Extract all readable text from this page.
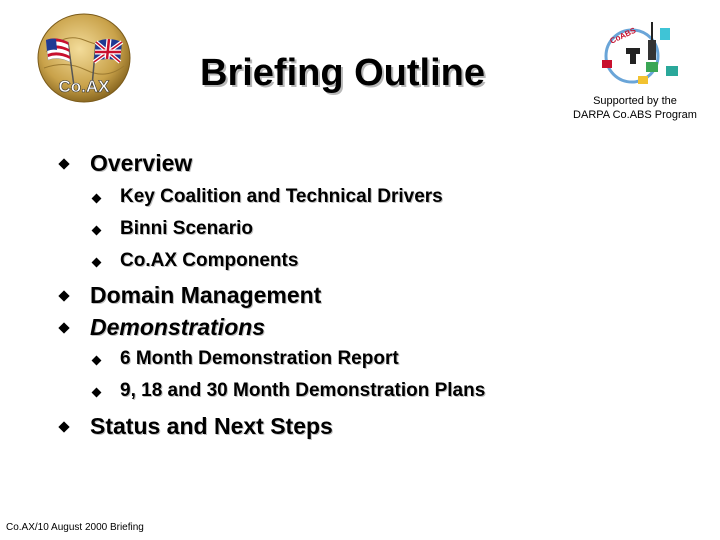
Co.AX
CoABS
Briefing Outline
Supported by the
DARPA Co.ABS Program
Overview
Key Coalition and Technical Drivers
Binni Scenario
Co.AX Components
Domain Management
Demonstrations
6 Month Demonstration Report
9, 18 and 30 Month Demonstration Plans
Status and Next Steps
Co.AX/10 August 2000 Briefing
